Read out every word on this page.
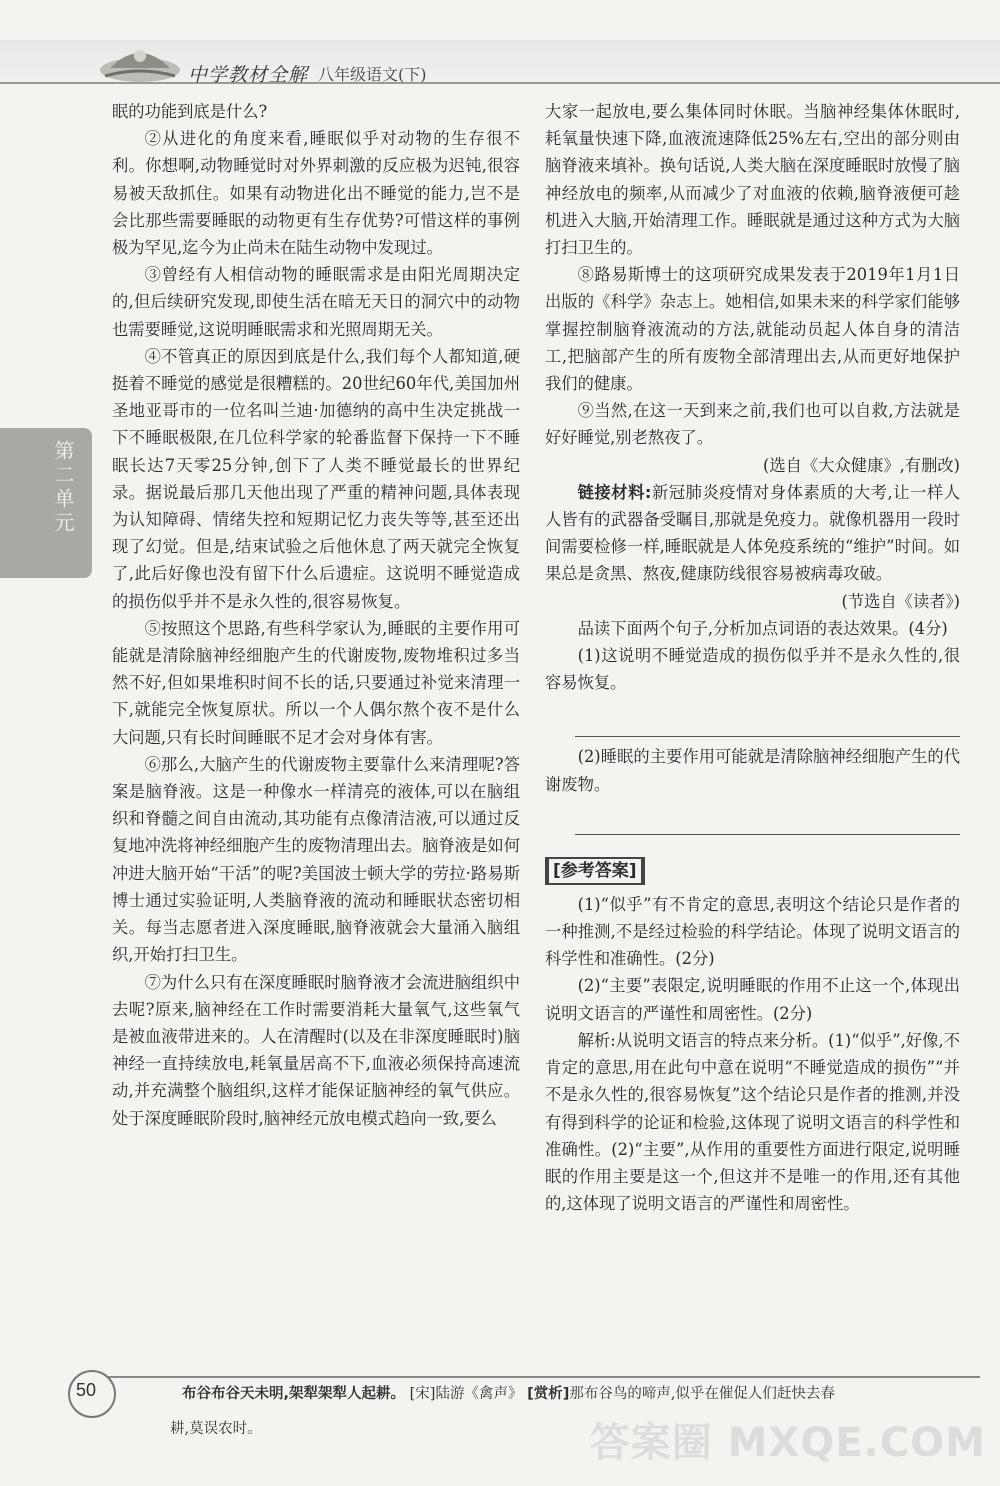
中学教材全解 八年级语文(下)
第二单元

眠的功能到底是什么?

②从进化的角度来看,睡眠似乎对动物的生存很不利。你想啊,动物睡觉时对外界刺激的反应极为迟钝,很容易被天敌抓住。如果有动物进化出不睡觉的能力,岂不是会比那些需要睡眠的动物更有生存优势?可惜这样的事例极为罕见,迄今为止尚未在陆生动物中发现过。

③曾经有人相信动物的睡眠需求是由阳光周期决定的,但后续研究发现,即使生活在暗无天日的洞穴中的动物也需要睡觉,这说明睡眠需求和光照周期无关。

④不管真正的原因到底是什么,我们每个人都知道,硬挺着不睡觉的感觉是很糟糕的。20世纪60年代,美国加州圣地亚哥市的一位名叫兰迪·加德纳的高中生决定挑战一下不睡眠极限,在几位科学家的轮番监督下保持一下不睡眠长达7天零25分钟,创下了人类不睡觉最长的世界纪录。据说最后那几天他出现了严重的精神问题,具体表现为认知障碍、情绪失控和短期记忆力丧失等等,甚至还出现了幻觉。但是,结束试验之后他休息了两天就完全恢复了,此后好像也没有留下什么后遗症。这说明不睡觉造成的损伤似乎并不是永久性的,很容易恢复。

⑤按照这个思路,有些科学家认为,睡眠的主要作用可能就是清除脑神经细胞产生的代谢废物,废物堆积过多当然不好,但如果堆积时间不长的话,只要通过补觉来清理一下,就能完全恢复原状。所以一个人偶尔熬个夜不是什么大问题,只有长时间睡眠不足才会对身体有害。

⑥那么,大脑产生的代谢废物主要靠什么来清理呢?答案是脑脊液。这是一种像水一样清亮的液体,可以在脑组织和脊髓之间自由流动,其功能有点像清洁液,可以通过反复地冲洗将神经细胞产生的废物清理出去。脑脊液是如何冲进大脑开始“干活”的呢?美国波士顿大学的劳拉·路易斯博士通过实验证明,人类脑脊液的流动和睡眠状态密切相关。每当志愿者进入深度睡眠,脑脊液就会大量涌入脑组织,开始打扫卫生。

⑦为什么只有在深度睡眠时脑脊液才会流进脑组织中去呢?原来,脑神经在工作时需要消耗大量氧气,这些氧气是被血液带进来的。人在清醒时(以及在非深度睡眠时)脑神经一直持续放电,耗氧量居高不下,血液必须保持高速流动,并充满整个脑组织,这样才能保证脑神经的氧气供应。处于深度睡眠阶段时,脑神经元放电模式趋向一致,要么

大家一起放电,要么集体同时休眠。当脑神经集体休眠时,耗氧量快速下降,血液流速降低25%左右,空出的部分则由脑脊液来填补。换句话说,人类大脑在深度睡眠时放慢了脑神经放电的频率,从而减少了对血液的依赖,脑脊液便可趁机进入大脑,开始清理工作。睡眠就是通过这种方式为大脑打扫卫生的。

⑧路易斯博士的这项研究成果发表于2019年1月1日出版的《科学》杂志上。她相信,如果未来的科学家们能够掌握控制脑脊液流动的方法,就能动员起人体自身的清洁工,把脑部产生的所有废物全部清理出去,从而更好地保护我们的健康。

⑨当然,在这一天到来之前,我们也可以自救,方法就是好好睡觉,别老熬夜了。

(选自《大众健康》,有删改)

链接材料:新冠肺炎疫情对身体素质的大考,让一样人人皆有的武器备受瞩目,那就是免疫力。就像机器用一段时间需要检修一样,睡眠就是人体免疫系统的“维护”时间。如果总是贪黑、熬夜,健康防线很容易被病毒攻破。

(节选自《读者》)

品读下面两个句子,分析加点词语的表达效果。(4分)

(1)这说明不睡觉造成的损伤似乎并不是永久性的,很容易恢复。

(2)睡眠的主要作用可能就是清除脑神经细胞产生的代谢废物。

[参考答案]

(1)“似乎”有不肯定的意思,表明这个结论只是作者的一种推测,不是经过检验的科学结论。体现了说明文语言的科学性和准确性。(2分)

(2)“主要”表限定,说明睡眠的作用不止这一个,体现出说明文语言的严谨性和周密性。(2分)

解析:从说明文语言的特点来分析。(1)“似乎”,好像,不肯定的意思,用在此句中意在说明“不睡觉造成的损伤”“并不是永久性的,很容易恢复”这个结论只是作者的推测,并没有得到科学的论证和检验,这体现了说明文语言的科学性和准确性。(2)“主要”,从作用的重要性方面进行限定,说明睡眠的作用主要是这一个,但这并不是唯一的作用,还有其他的,这体现了说明文语言的严谨性和周密性。

50	布谷布谷天未明,架犁架犁人起耕。 [宋]陆游《禽声》 [赏析]那布谷鸟的啼声,似乎在催促人们赶快去春
耕,莫误农时。	答案圈 MXQE.COM
